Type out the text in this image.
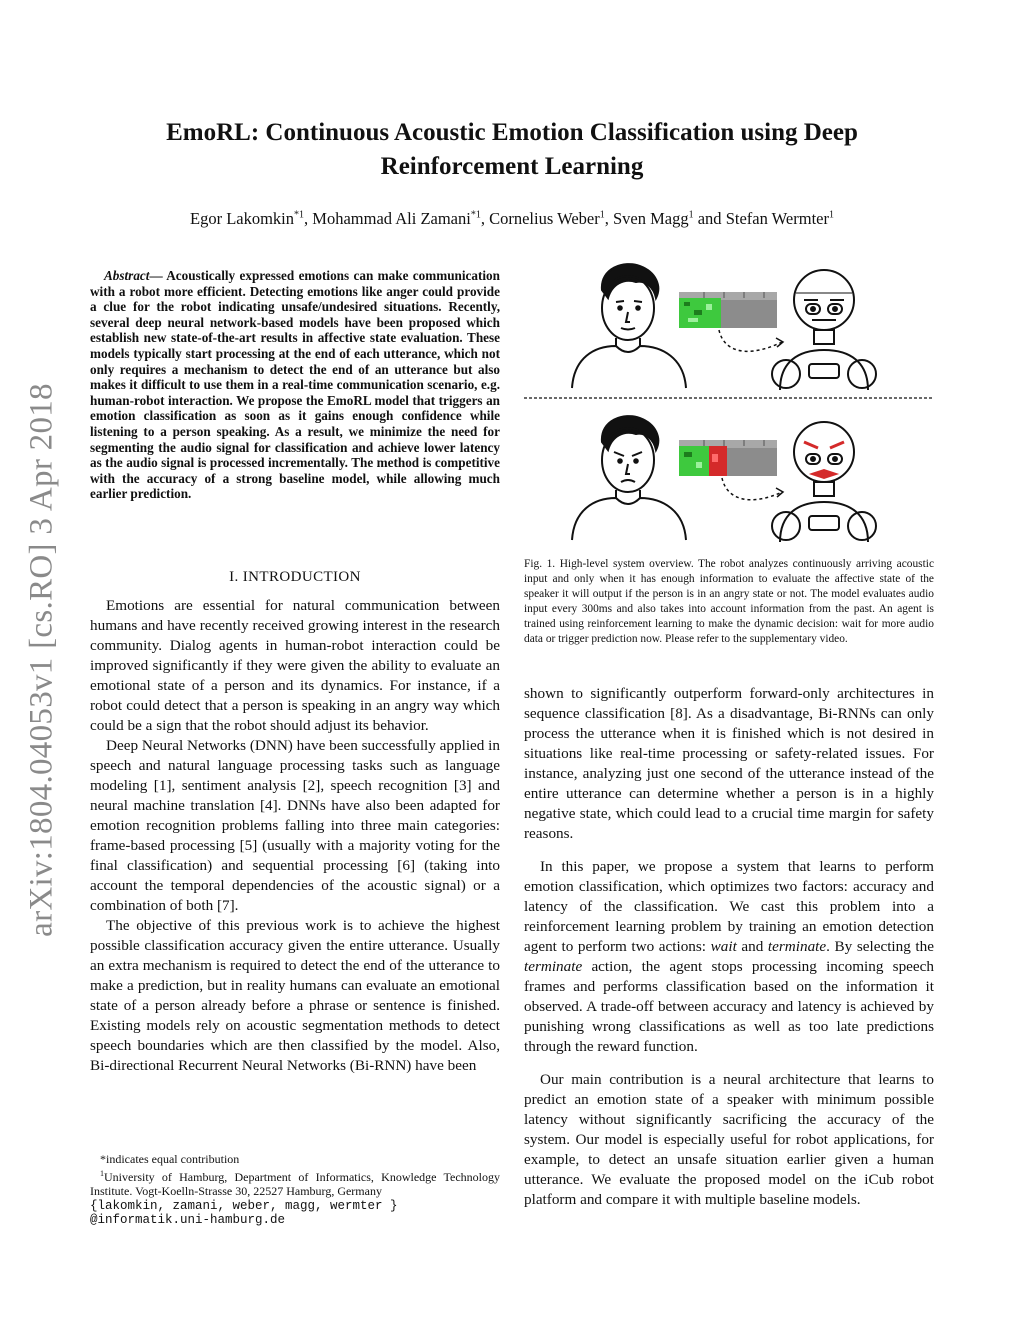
arXiv:1804.04053v1 [cs.RO] 3 Apr 2018
EmoRL: Continuous Acoustic Emotion Classification using Deep
Reinforcement Learning
Egor Lakomkin$^{*1}$, Mohammad Ali Zamani$^{*1}$, Cornelius Weber$^1$, Sven Magg$^1$ and Stefan Wermter$^1$
Abstract— Acoustically expressed emotions can make communication with a robot more efficient. Detecting emotions like anger could provide a clue for the robot indicating unsafe/undesired situations. Recently, several deep neural network-based models have been proposed which establish new state-of-the-art results in affective state evaluation. These models typically start processing at the end of each utterance, which not only requires a mechanism to detect the end of an utterance but also makes it difficult to use them in a real-time communication scenario, e.g. human-robot interaction. We propose the EmoRL model that triggers an emotion classification as soon as it gains enough confidence while listening to a person speaking. As a result, we minimize the need for segmenting the audio signal for classification and achieve lower latency as the audio signal is processed incrementally. The method is competitive with the accuracy of a strong baseline model, while allowing much earlier prediction.
I. INTRODUCTION

Emotions are essential for natural communication between humans and have recently received growing interest in the research community. Dialog agents in human-robot interaction could be improved significantly if they were given the ability to evaluate an emotional state of a person and its dynamics. For instance, if a robot could detect that a person is speaking in an angry way which could be a sign that the robot should adjust its behavior.

Deep Neural Networks (DNN) have been successfully applied in speech and natural language processing tasks such as language modeling [1], sentiment analysis [2], speech recognition [3] and neural machine translation [4]. DNNs have also been adapted for emotion recognition problems falling into three main categories: frame-based processing [5] (usually with a majority voting for the final classification) and sequential processing [6] (taking into account the temporal dependencies of the acoustic signal) or a combination of both [7].

The objective of this previous work is to achieve the highest possible classification accuracy given the entire utterance. Usually an extra mechanism is required to detect the end of the utterance to make a prediction, but in reality humans can evaluate an emotional state of a person already before a phrase or sentence is finished. Existing models rely on acoustic segmentation methods to detect speech boundaries which are then classified by the model. Also, Bi-directional Recurrent Neural Networks (Bi-RNN) have been

*indicates equal contribution

$^1$University of Hamburg, Department of Informatics, Knowledge Technology Institute. Vogt-Koelln-Strasse 30, 22527 Hamburg, Germany

{lakomkin, zamani, weber, magg, wermter }

@informatik.uni-hamburg.de

Fig. 1. High-level system overview. The robot analyzes continuously arriving acoustic input and only when it has enough information to evaluate the affective state of the speaker it will output if the person is in an angry state or not. The model evaluates audio input every 300ms and also takes into account information from the past. An agent is trained using reinforcement learning to make the dynamic decision: wait for more audio data or trigger prediction now. Please refer to the supplementary video.

shown to significantly outperform forward-only architectures in sequence classification [8]. As a disadvantage, Bi-RNNs can only process the utterance when it is finished which is not desired in situations like real-time processing or safety-related issues. For instance, analyzing just one second of the utterance instead of the entire utterance can determine whether a person is in a highly negative state, which could lead to a crucial time margin for safety reasons.

In this paper, we propose a system that learns to perform emotion classification, which optimizes two factors: accuracy and latency of the classification. We cast this problem into a reinforcement learning problem by training an emotion detection agent to perform two actions: wait and terminate. By selecting the terminate action, the agent stops processing incoming speech frames and performs classification based on the information it observed. A trade-off between accuracy and latency is achieved by punishing wrong classifications as well as too late predictions through the reward function.

Our main contribution is a neural architecture that learns to predict an emotion state of a speaker with minimum possible latency without significantly sacrificing the accuracy of the system. Our model is especially useful for robot applications, for example, to detect an unsafe situation earlier given a human utterance. We evaluate the proposed model on the iCub robot platform and compare it with multiple baseline models.
